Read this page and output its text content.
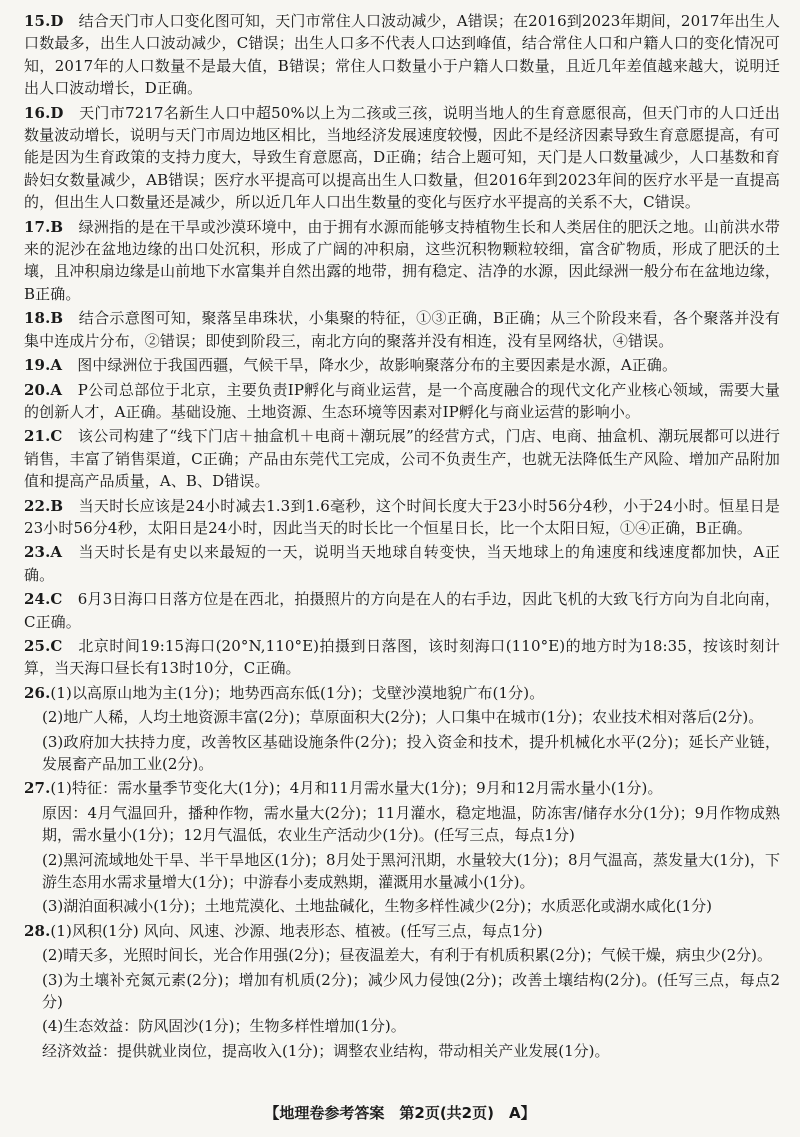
15.D　 结合天门市人口变化图可知，天门市常住人口波动减少，A错误；在2016到2023年期间，2017年出生人口数最多，出生人口波动减少，C错误；出生人口多不代表人口达到峰值，结合常住人口和户籍人口的变化情况可知，2017年的人口数量不是最大值，B错误；常住人口数量小于户籍人口数量，且近几年差值越来越大，说明迁出人口波动增长，D正确。

16.D　 天门市7217名新生人口中超50%以上为二孩或三孩，说明当地人的生育意愿很高，但天门市的人口迁出数量波动增长，说明与天门市周边地区相比，当地经济发展速度较慢，因此不是经济因素导致生育意愿提高，有可能是因为生育政策的支持力度大，导致生育意愿高，D正确；结合上题可知，天门是人口数量减少，人口基数和育龄妇女数量减少，AB错误；医疗水平提高可以提高出生人口数量，但2016年到2023年间的医疗水平是一直提高的，但出生人口数量还是减少，所以近几年人口出生数量的变化与医疗水平提高的关系不大，C错误。

17.B　 绿洲指的是在干旱或沙漠环境中，由于拥有水源而能够支持植物生长和人类居住的肥沃之地。山前洪水带来的泥沙在盆地边缘的出口处沉积，形成了广阔的冲积扇，这些沉积物颗粒较细，富含矿物质，形成了肥沃的土壤，且冲积扇边缘是山前地下水富集并自然出露的地带，拥有稳定、洁净的水源，因此绿洲一般分布在盆地边缘，B正确。

18.B　 结合示意图可知，聚落呈串珠状，小集聚的特征，①③正确，B正确；从三个阶段来看，各个聚落并没有集中连成片分布，②错误；即使到阶段三，南北方向的聚落并没有相连，没有呈网络状，④错误。

19.A　 图中绿洲位于我国西疆，气候干旱，降水少，故影响聚落分布的主要因素是水源，A正确。

20.A　 P公司总部位于北京，主要负责IP孵化与商业运营，是一个高度融合的现代文化产业核心领域，需要大量的创新人才，A正确。基础设施、土地资源、生态环境等因素对IP孵化与商业运营的影响小。

21.C　 该公司构建了“线下门店＋抽盒机＋电商＋潮玩展”的经营方式，门店、电商、抽盒机、潮玩展都可以进行销售，丰富了销售渠道，C正确；产品由东莞代工完成，公司不负责生产，也就无法降低生产风险、增加产品附加值和提高产品质量，A、B、D错误。

22.B　 当天时长应该是24小时减去1.3到1.6毫秒，这个时间长度大于23小时56分4秒，小于24小时。恒星日是23小时56分4秒，太阳日是24小时，因此当天的时长比一个恒星日长，比一个太阳日短，①④正确，B正确。

23.A　 当天时长是有史以来最短的一天，说明当天地球自转变快，当天地球上的角速度和线速度都加快，A正确。

24.C　 6月3日海口日落方位是在西北，拍摄照片的方向是在人的右手边，因此飞机的大致飞行方向为自北向南，C正确。

25.C　 北京时间19:15海口(20°N,110°E)拍摄到日落图，该时刻海口(110°E)的地方时为18:35，按该时刻计算，当天海口昼长有13时10分，C正确。

26.(1)以高原山地为主(1分)；地势西高东低(1分)；戈壁沙漠地貌广布(1分)。

(2)地广人稀，人均土地资源丰富(2分)；草原面积大(2分)；人口集中在城市(1分)；农业技术相对落后(2分)。

(3)政府加大扶持力度，改善牧区基础设施条件(2分)；投入资金和技术，提升机械化水平(2分)；延长产业链，发展畜产品加工业(2分)。

27.(1)特征：需水量季节变化大(1分)；4月和11月需水量大(1分)；9月和12月需水量小(1分)。

原因：4月气温回升，播种作物，需水量大(2分)；11月灌水，稳定地温，防冻害/储存水分(1分)；9月作物成熟期，需水量小(1分)；12月气温低，农业生产活动少(1分)。(任写三点，每点1分)

(2)黑河流域地处干旱、半干旱地区(1分)；8月处于黑河汛期，水量较大(1分)；8月气温高，蒸发量大(1分)，下游生态用水需求量增大(1分)；中游春小麦成熟期，灌溉用水量减小(1分)。

(3)湖泊面积减小(1分)；土地荒漠化、土地盐碱化，生物多样性减少(2分)；水质恶化或湖水咸化(1分)

28.(1)风积(1分) 风向、风速、沙源、地表形态、植被。(任写三点，每点1分)

(2)晴天多，光照时间长，光合作用强(2分)；昼夜温差大，有利于有机质积累(2分)；气候干燥，病虫少(2分)。

(3)为土壤补充氮元素(2分)；增加有机质(2分)；减少风力侵蚀(2分)；改善土壤结构(2分)。(任写三点，每点2分)

(4)生态效益：防风固沙(1分)；生物多样性增加(1分)。

经济效益：提供就业岗位，提高收入(1分)；调整农业结构，带动相关产业发展(1分)。

【地理卷参考答案　第2页(共2页)　A】
